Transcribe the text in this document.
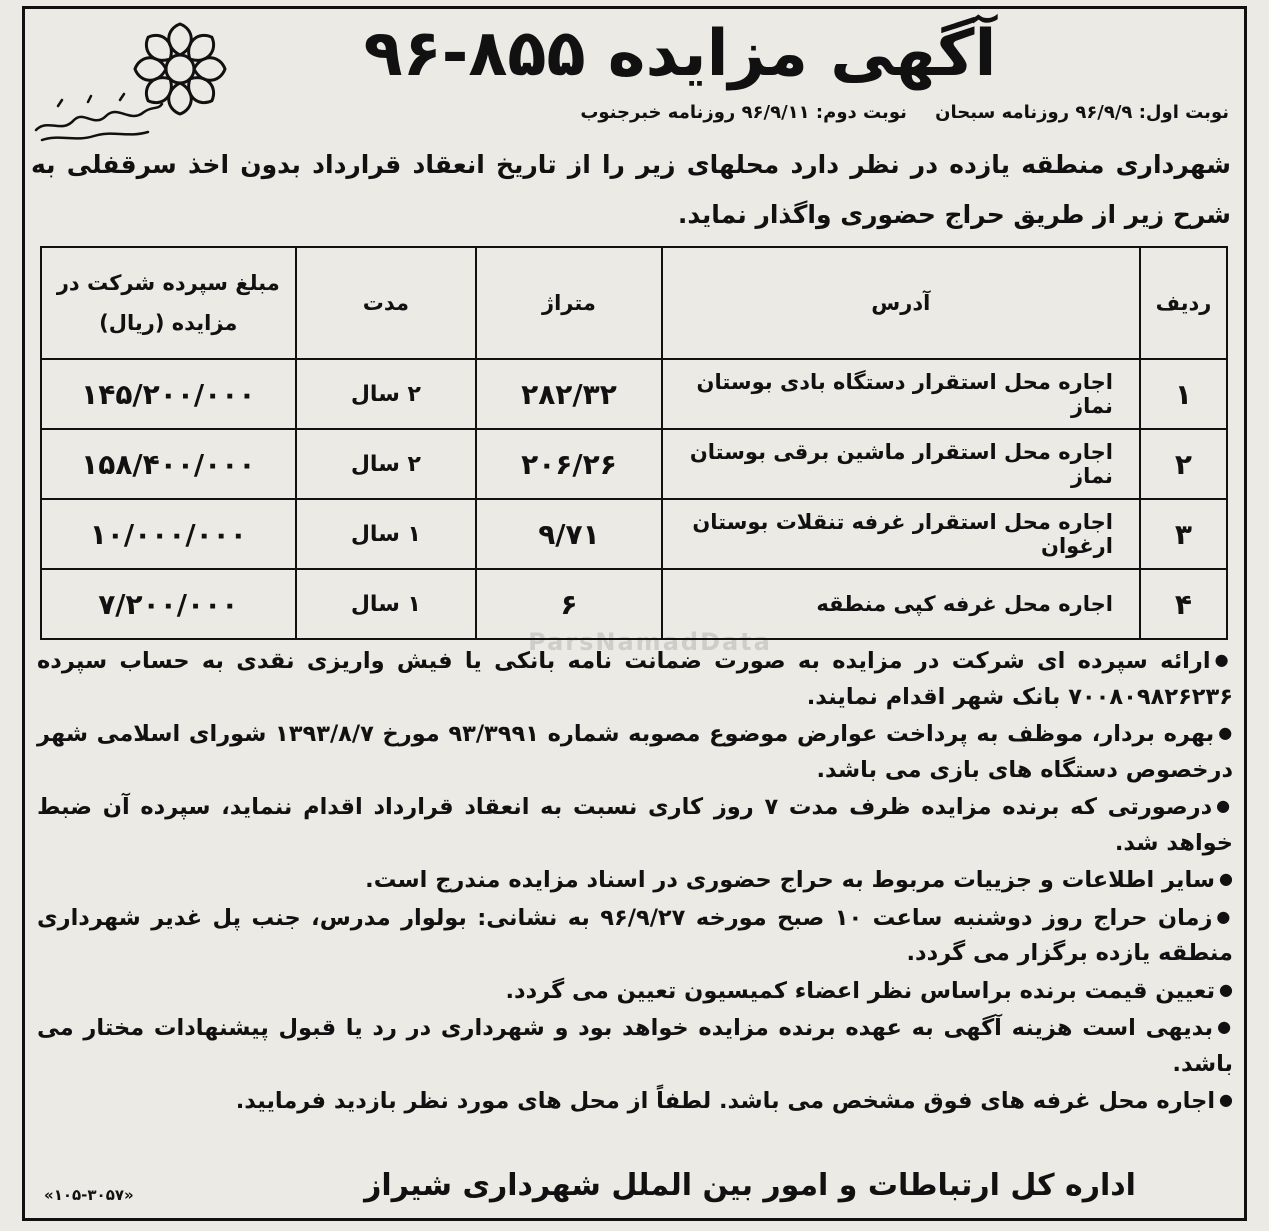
آگهی مزایده ۸۵۵-۹۶
نوبت اول: ۹۶/۹/۹ روزنامه سبحان نوبت دوم: ۹۶/۹/۱۱ روزنامه خبرجنوب
شهرداری منطقه یازده در نظر دارد محلهای زیر را از تاریخ انعقاد قرارداد بدون اخذ سرقفلی به شرح زیر از طریق حراج حضوری واگذار نماید.
ParsNamadData
ردیف	آدرس	متراژ	مدت	مبلغ سپرده شرکت در مزایده (ریال)
۱	اجاره محل استقرار دستگاه بادی بوستان نماز	۲۸۲/۳۲	۲ سال	۱۴۵/۲۰۰/۰۰۰
۲	اجاره محل استقرار ماشین برقی بوستان نماز	۲۰۶/۲۶	۲ سال	۱۵۸/۴۰۰/۰۰۰
۳	اجاره محل استقرار غرفه تنقلات بوستان ارغوان	۹/۷۱	۱ سال	۱۰/۰۰۰/۰۰۰
۴	اجاره محل غرفه کپی منطقه	۶	۱ سال	۷/۲۰۰/۰۰۰

●ارائه سپرده ای شرکت در مزایده به صورت ضمانت نامه بانکی یا فیش واریزی نقدی به حساب سپرده ۷۰۰۸۰۹۸۲۶۲۳۶ بانک شهر اقدام نمایند.

●بهره بردار، موظف به پرداخت عوارض موضوع مصوبه شماره ۹۳/۳۹۹۱ مورخ ۱۳۹۳/۸/۷ شورای اسلامی شهر درخصوص دستگاه های بازی می باشد.

●درصورتی که برنده مزایده ظرف مدت ۷ روز کاری نسبت به انعقاد قرارداد اقدام ننماید، سپرده آن ضبط خواهد شد.

●سایر اطلاعات و جزییات مربوط به حراج حضوری در اسناد مزایده مندرج است.

●زمان حراج روز دوشنبه ساعت ۱۰ صبح مورخه ۹۶/۹/۲۷ به نشانی: بولوار مدرس، جنب پل غدیر شهرداری منطقه یازده برگزار می گردد.

●تعیین قیمت برنده براساس نظر اعضاء کمیسیون تعیین می گردد.

●بدیهی است هزینه آگهی به عهده برنده مزایده خواهد بود و شهرداری در رد یا قبول پیشنهادات مختار می باشد.

●اجاره محل غرفه های فوق مشخص می باشد. لطفاً از محل های مورد نظر بازدید فرمایید.

اداره کل ارتباطات و امور بین الملل شهرداری شیراز
«۱۰۵-۳۰۵۷»
